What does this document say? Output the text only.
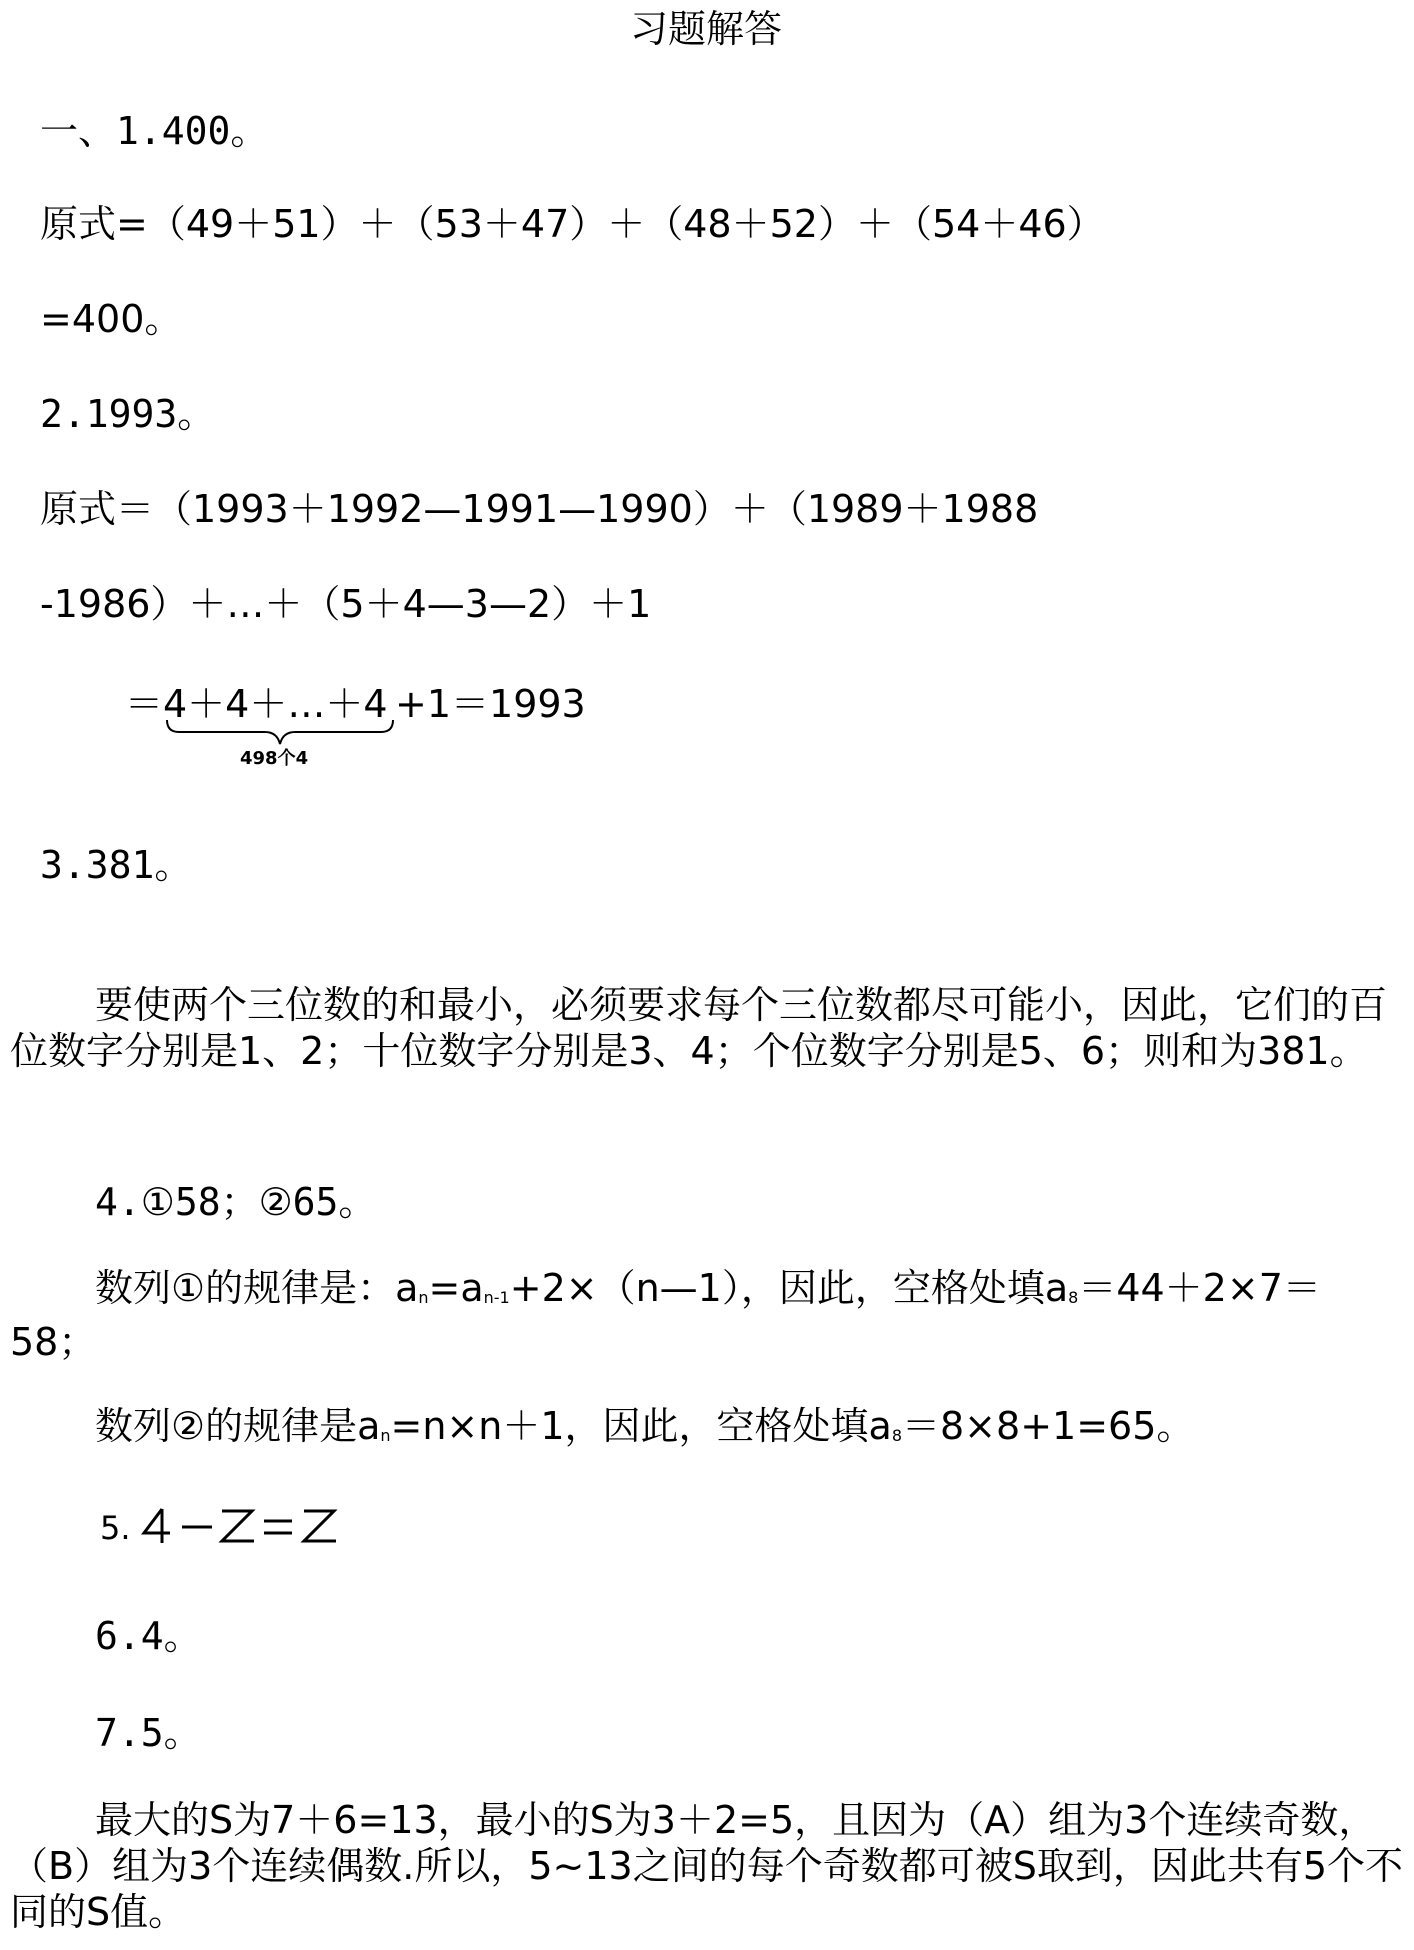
习题解答
一、1.400。
原式=（49＋51）＋（53＋47）＋（48＋52）＋（54＋46）
=400。
2.1993。
原式＝（1993＋1992—1991—1990）＋（1989＋1988
-1986）＋…＋（5＋4—3—2）＋1
＝4＋4＋…＋4 +1＝1993
498个4
3.381。
要使两个三位数的和最小，必须要求每个三位数都尽可能小，因此，它们的百位数字分别是1、2；十位数字分别是3、4；个位数字分别是5、6；则和为381。
4.①58；②65。
数列①的规律是：$a_n=a_{n-1}+2\times(n—1)$，因此，空格处填$a_8=44+2\times 7=58$；
数列②的规律是$a_n=n\times n+1$，因此，空格处填$a_8=8\times 8+1=65$。
5.
6.4。
7.5。
最大的S为7＋6=13，最小的S为3＋2=5，且因为（A）组为3个连续奇数，（B）组为3个连续偶数.所以，5~13之间的每个奇数都可被S取到，因此共有5个不同的S值。
